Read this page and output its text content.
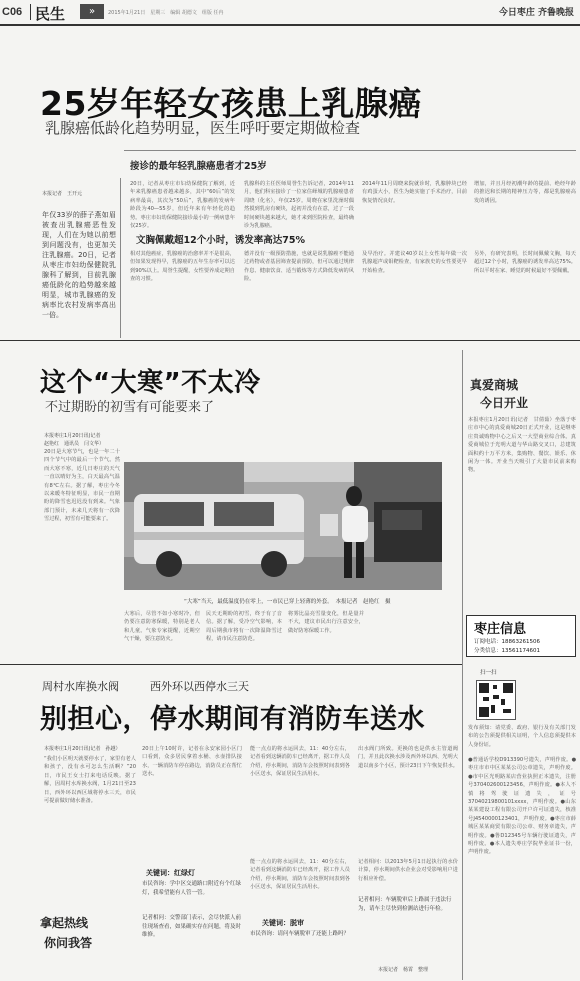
C06 民生	»	2015年1月21日　星期三　编辑 胡德文　组版 任冉	今日枣庄 齐鲁晚报
25岁年轻女孩患上乳腺癌
乳腺癌低龄化趋势明显，医生呼吁要定期做检查
接诊的最年轻乳腺癌患者才25岁
本报记者　王开元
年仅33岁的薛子燕如眉被查出乳腺癌恶性发现，人们在为她以前想到问题没有，也更加关注乳腺癌。20日，记者从枣庄市妇幼保健院乳腺科了解到，目前乳腺癌低龄化的趋势越来越明显，城市乳腺癌的发病率比农村发病率高出一倍。
20日，记者从枣庄市妇幼保健院了解到，近年来乳腺癌患者越来越多，其中“60后”的发病率最高，其次为“50后”，乳腺癌的发病年龄段为40—55岁，但近年来有年轻化的趋势。枣庄市妇幼保健院接诊最小的一例病患年仅25岁。
乳腺科的主任医师周誉生告诉记者，2014年11月，他们科室接诊了一位家住峄城的乳腺癌患者周晓（化名），年仅25岁。周晓在家里洗澡时偶然摸到乳房有硬块，起初并没有在意，过了一段时间硬块越来越大，她才来到医院检查，最终确诊为乳腺癌。
2014年11月周晓来院就诊时，乳腺肿块已经有鸡蛋大小，医生为她实施了手术治疗，目前恢复情况良好。
增加，并且月经初潮年龄的提前、绝经年龄的推迟和长期的精神压力等，都是乳腺癌高发的诱因。
文胸佩戴超12个小时，诱发率高达75%
相对其他癌症，乳腺癌的治愈率并不是很高，但如果发现得早，乳腺癌的五年生存率可以达到90%以上。周誉生提醒，女性要养成定期自查的习惯。
德并没有一级预防措施，也就是说乳腺癌不能通过药物或者基因筛查提前预防，但可以通过规律作息、健康饮食、适当锻炼等方式降低发病的风险。
及早治疗。并建议40岁以上女性每年做一次乳腺超声或钼靶检查，有家族史的女性要更早开始检查。
另外，有研究表明，长时间佩戴文胸，每天超过12个小时，乳腺癌的诱发率高达75%。所以平时在家、睡觉的时候最好不要佩戴。
这个“大寒”不太冷
不过期盼的初雪有可能要来了
本报枣庄1月20日讯(记者
赵艳红　通讯员　闫文华）
20日是大寒节气，也是一年二十四个节气中的最后一个节气。然而大寒不寒，近几日枣庄的天气一直以晴好为主，白天最高气温有8℃左右。据了解，枣庄今冬以来暖冬特征明显，市民一直期盼的降雪也迟迟没有到来。气象部门预计，未来几天将有一次降雪过程，初雪有可能要来了。
“大寒”当天，最低温度仍在零上，一市民已穿上轻薄的外套。　本报记者　赵艳红　摄
大寒后，尽管不如小寒时冷，但仍要注意防寒保暖，特别是老人和儿童。气象专家提醒，近期空气干燥，要注意防火。
民天无期盼的初雪，终于有了音信。据了解，受冷空气影响，本周后期我市将有一次降温降雪过程，请市民注意防范。
将雾比晶亮雪量变化，但是量并不大，建议市民出行注意安全，做好防寒保暖工作。
真爱商城
今日开业
本报枣庄1月20日讯(记者　甘倩茹）坐落于枣庄市中心的真爱商城20日正式开业，这是继枣庄贵诚购物中心之后又一大型商业综合体。真爱商城位于光明大道与华山路交叉口，总建筑面积约十万平方米，集购物、餐饮、娱乐、休闲为一体。开业当天吸引了大量市民前来购物。
枣庄信息
订阅电话：18863261506
分类信息：13561174601
扫一扫
发布须知：请党委、政府、银行及有关部门发布的公告须提供相关证明，个人信息须提供本人身份证。
●普通话学校D913390号遗失，声明作废。●枣庄市市中区某某公司公章遗失，声明作废。●市中区光明路某店营业执照正本遗失，注册号370402600123456，声明作废。●本人不慎将驾驶证遗失，证号37040219800101xxxx，声明作废。●山东某某建设工程有限公司开户许可证遗失，核准号J4540000123401，声明作废。●枣庄市薛城区某某商贸有限公司公章、财务章遗失，声明作废。●鲁D12345号车辆行驶证遗失，声明作废。●本人遗失枣庄学院毕业证书一份，声明作废。
周村水库换水阀	西外环以西停水三天
别担心，停水期间有消防车送水
本报枣庄1月20日讯(记者　孙越）
“我们小区明天就要停水了，家里有老人和孩子，没有水可怎么生活啊？”20日，市民王女士打来电话反映。据了解，因周村水库换水阀，1月21日至23日，西外环以西区域将停水三天，市民可提前做好储水准备。
20日上午10时许，记者在永安家园小区门口看到，众多居民拿着水桶、水壶排队接水，一辆消防车停在路边，消防员正在帮忙送水。
能一点点的将水运回去，11：40分左右，记者看到这辆消防车已经离开，据工作人员介绍，停水期间，消防车会按照时间表到各小区送水，保证居民生活用水。
出水阀门所致。更换的也是供水主管道阀门，并且此次换水涉及西外环以西、光明大道以南多个小区，预计23日下午恢复供水。
关键词：红绿灯
市民咨询：学中区交通路口附近有个红绿灯，我希望能有人管一管。
记者相问：交警部门表示，会尽快派人前往现场查看，如果确实存在问题，将及时维修。
能一点点的将水运回去，11：40分左右，记者看到这辆消防车已经离开，据工作人员介绍，停水期间，消防车会按照时间表到各小区送水，保证居民生活用水。
关键词：脱审
市民咨询：请问车辆脱审了还能上路吗？
记者相问：以2013年5月1日起执行的水价计算，停水期间供水企业会对受影响用户进行相应补偿。
记者相问：车辆脱审后上路属于违法行为，请车主尽快到检测站进行年检。
本报记者　杨霄　整理
拿起热线
你问我答
